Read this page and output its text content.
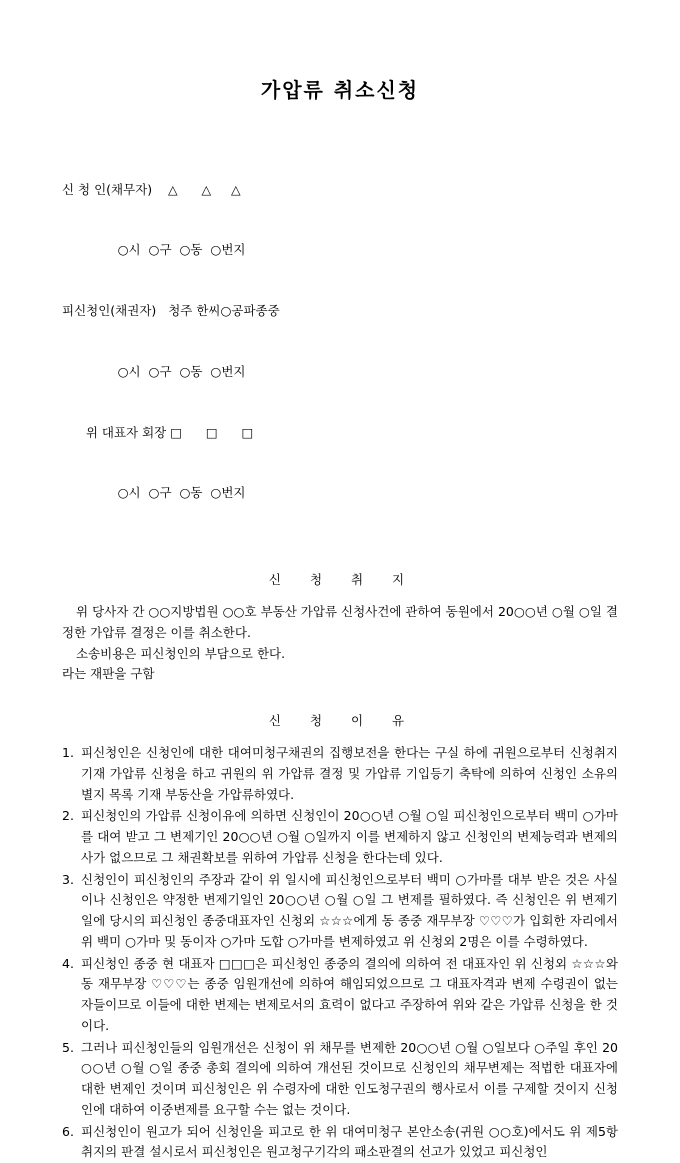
가압류 취소신청

신 청 인(채무자)    △      △     △

○시  ○구  ○동  ○번지

피신청인(채권자)   청주 한씨○공파종중

○시  ○구  ○동  ○번지

위 대표자 회장 □      □      □

○시  ○구  ○동  ○번지

신  청  취  지

위 당사자 간 ○○지방법원 ○○호 부동산 가압류 신청사건에 관하여 동원에서 20○○년 ○월 ○일 결정한 가압류 결정은 이를 취소한다.

소송비용은 피신청인의 부담으로 한다.

라는 재판을 구함

신  청  이  유
1. 피신청인은 신청인에 대한 대여미청구채권의 집행보전을 한다는 구실 하에 귀원으로부터 신청취지 기재 가압류 신청을 하고 귀원의 위 가압류 결정 및 가압류 기입등기 축탁에 의하여 신청인 소유의 별지 목록 기재 부동산을 가압류하였다.
2. 피신청인의 가압류 신청이유에 의하면 신청인이 20○○년 ○월 ○일 피신청인으로부터 백미 ○가마를 대여 받고 그 변제기인 20○○년 ○월 ○일까지 이를 변제하지 않고 신청인의 변제능력과 변제의사가 없으므로 그 채권확보를 위하여 가압류 신청을 한다는데 있다.
3. 신청인이 피신청인의 주장과 같이 위 일시에 피신청인으로부터 백미 ○가마를 대부 받은 것은 사실이나 신청인은 약정한 변제기일인 20○○년 ○월 ○일 그 변제를 필하였다. 즉 신청인은 위 변제기일에 당시의 피신청인 종중대표자인 신청외 ☆☆☆에게 동 종중 재무부장 ♡♡♡가 입회한 자리에서 위 백미 ○가마 및 동이자 ○가마 도합 ○가마를 변제하였고 위 신청외 2명은 이를 수령하였다.
4. 피신청인 종중 현 대표자 □□□은 피신청인 종중의 결의에 의하여 전 대표자인 위 신청외 ☆☆☆와 동 재무부장 ♡♡♡는 종중 임원개선에 의하여 해임되었으므로 그 대표자격과 변제 수령권이 없는 자들이므로 이들에 대한 변제는 변제로서의 효력이 없다고 주장하여 위와 같은 가압류 신청을 한 것이다.
5. 그러나 피신청인들의 임원개선은 신청이 위 채무를 변제한 20○○년 ○월 ○일보다 ○주일 후인 20○○년 ○월 ○일 종중 총회 결의에 의하여 개선된 것이므로 신청인의 채무변제는 적법한 대표자에 대한 변제인 것이며 피신청인은 위 수령자에 대한 인도청구권의 행사로서 이를 구제할 것이지 신청인에 대하여 이중변제를 요구할 수는 없는 것이다.
6. 피신청인이 원고가 되어 신청인을 피고로 한 위 대여미청구 본안소송(귀원 ○○호)에서도 위 제5항 취지의 판결 설시로서 피신청인은 원고청구기각의 패소판결의 선고가 있었고 피신청인
